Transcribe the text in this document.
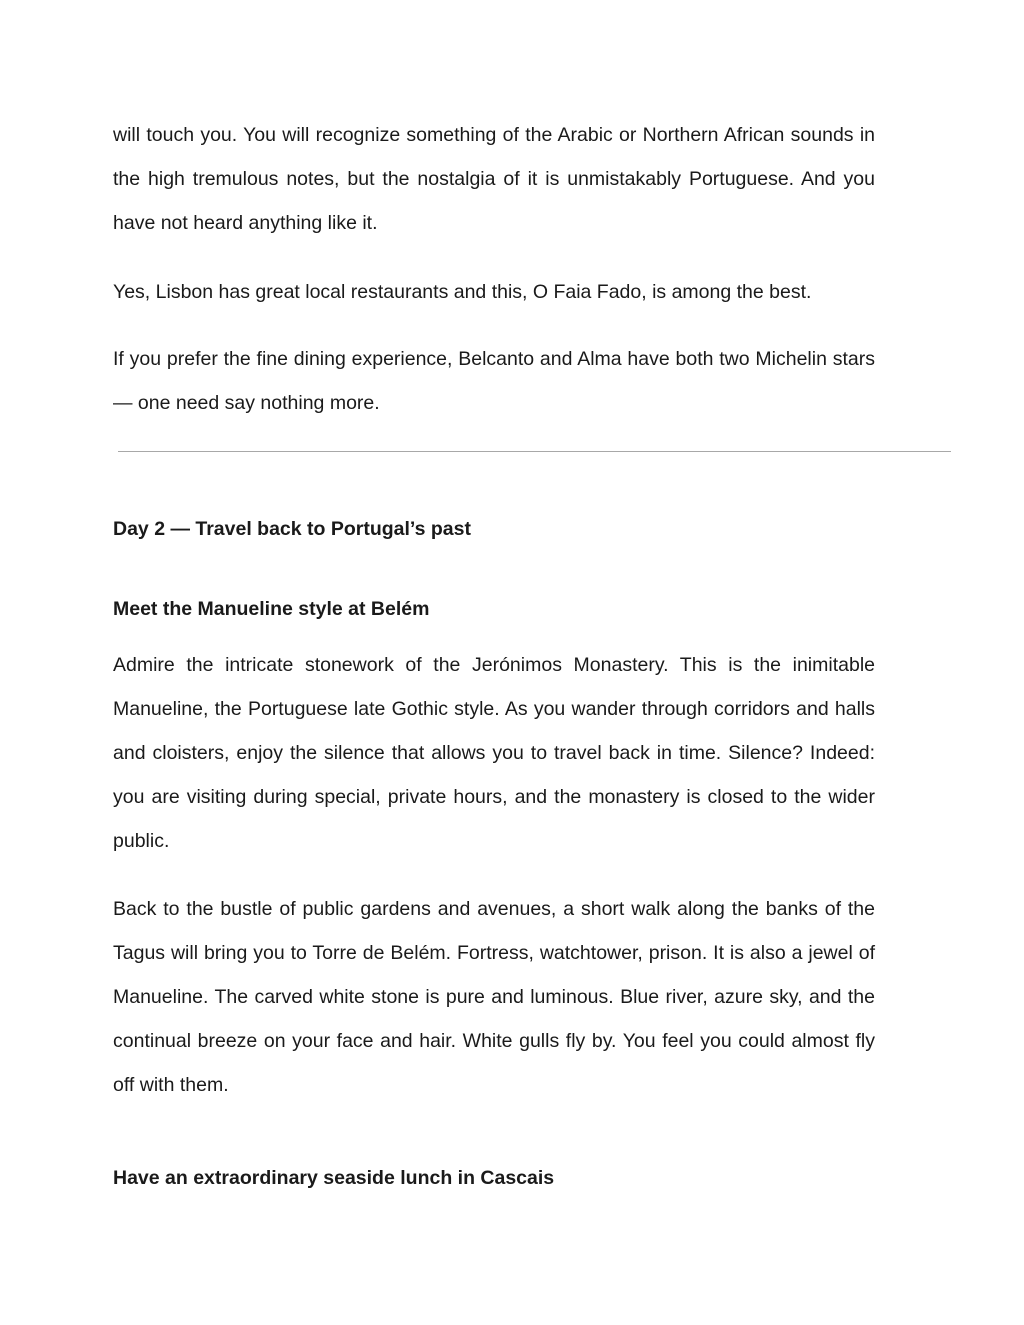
will touch you. You will recognize something of the Arabic or Northern African sounds in the high tremulous notes, but the nostalgia of it is unmistakably Portuguese. And you have not heard anything like it.

Yes, Lisbon has great local restaurants and this, O Faia Fado, is among the best.

If you prefer the fine dining experience, Belcanto and Alma have both two Michelin stars — one need say nothing more.

Day 2 — Travel back to Portugal’s past
Meet the Manueline style at Belém

Admire the intricate stonework of the Jerónimos Monastery. This is the inimitable Manueline, the Portuguese late Gothic style. As you wander through corridors and halls and cloisters, enjoy the silence that allows you to travel back in time. Silence? Indeed: you are visiting during special, private hours, and the monastery is closed to the wider public.

Back to the bustle of public gardens and avenues, a short walk along the banks of the Tagus will bring you to Torre de Belém. Fortress, watchtower, prison. It is also a jewel of Manueline. The carved white stone is pure and luminous. Blue river, azure sky, and the continual breeze on your face and hair. White gulls fly by. You feel you could almost fly off with them.

Have an extraordinary seaside lunch in Cascais
